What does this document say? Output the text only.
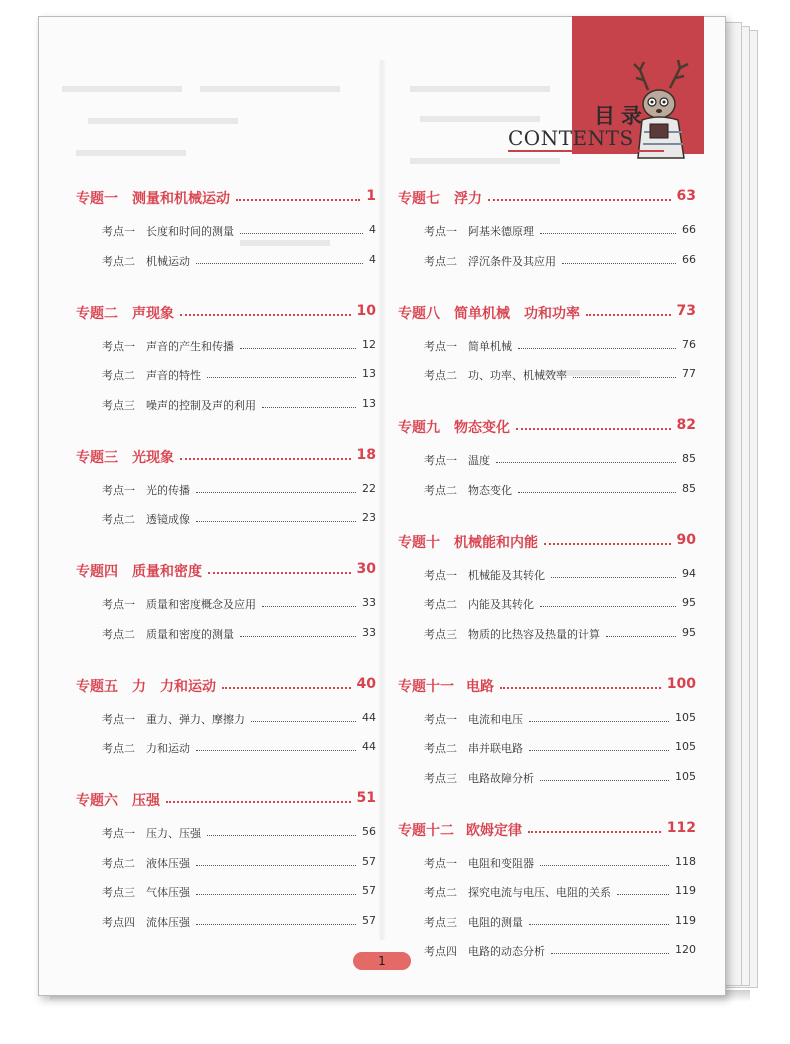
目录
CONTENTS
专题一 测量和机械运动	1
考点一 长度和时间的测量	4
考点二 机械运动	4
专题二 声现象	10
考点一 声音的产生和传播	12
考点二 声音的特性	13
考点三 噪声的控制及声的利用	13
专题三 光现象	18
考点一 光的传播	22
考点二 透镜成像	23
专题四 质量和密度	30
考点一 质量和密度概念及应用	33
考点二 质量和密度的测量	33
专题五 力　力和运动	40
考点一 重力、弹力、摩擦力	44
考点二 力和运动	44
专题六 压强	51
考点一 压力、压强	56
考点二 液体压强	57
考点三 气体压强	57
考点四 流体压强	57
专题七 浮力	63
考点一 阿基米德原理	66
考点二 浮沉条件及其应用	66
专题八 简单机械　功和功率	73
考点一 简单机械	76
考点二 功、功率、机械效率	77
专题九 物态变化	82
考点一 温度	85
考点二 物态变化	85
专题十 机械能和内能	90
考点一 机械能及其转化	94
考点二 内能及其转化	95
考点三 物质的比热容及热量的计算	95
专题十一 电路	100
考点一 电流和电压	105
考点二 串并联电路	105
考点三 电路故障分析	105
专题十二 欧姆定律	112
考点一 电阻和变阻器	118
考点二 探究电流与电压、电阻的关系	119
考点三 电阻的测量	119
考点四 电路的动态分析	120
1
